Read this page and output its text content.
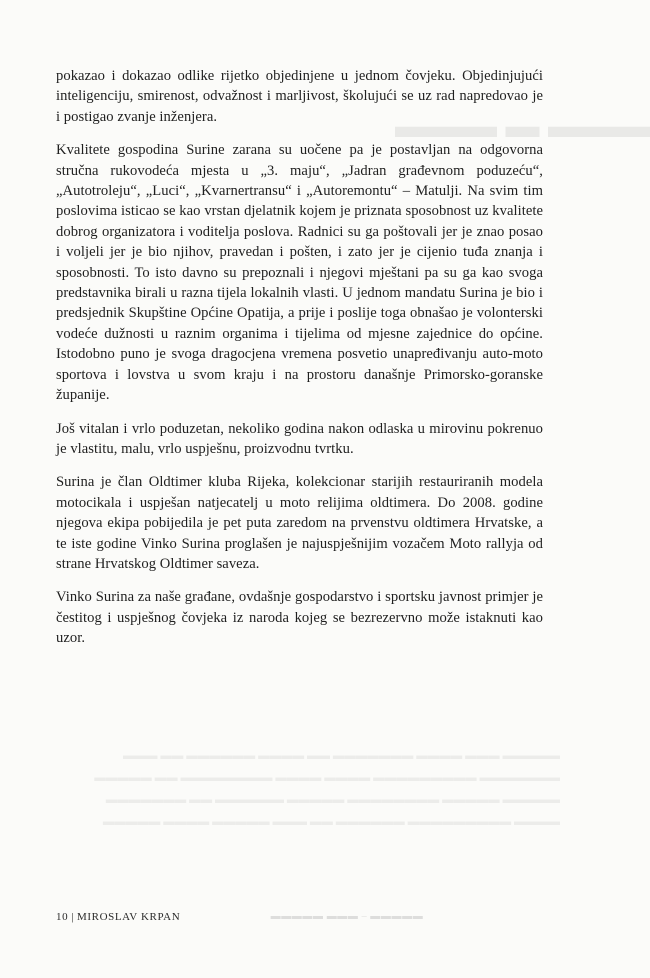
▬▬▬ ▬ ▬▬▬
▬▬▬▬▬ ▬▬▬ ▬▬▬▬ ▬▬▬▬▬▬▬ ▬▬ ▬▬▬▬ ▬▬▬▬▬▬ ▬▬ ▬▬▬
▬▬▬▬▬▬▬ ▬▬▬▬▬▬▬▬▬ ▬▬▬▬ ▬▬▬▬ ▬▬▬▬▬▬▬▬ ▬▬ ▬▬▬▬▬
▬▬▬▬▬ ▬▬▬▬▬ ▬▬▬▬▬▬▬▬ ▬▬▬▬▬ ▬▬▬▬▬▬ ▬▬ ▬▬▬▬▬▬▬
▬▬▬▬ ▬▬▬▬▬▬▬▬▬ ▬▬▬▬▬▬ ▬▬ ▬▬▬ ▬▬▬▬▬ ▬▬▬▬ ▬▬▬▬▬

pokazao i dokazao odlike rijetko objedinjene u jednom čovjeku. Objedinjujući inteligenciju, smirenost, odvažnost i marljivost, školujući se uz rad napredovao je i postigao zvanje inženjera.

Kvalitete gospodina Surine zarana su uočene pa je postavljan na odgovorna stručna rukovodeća mjesta u „3. maju“, „Jadran građevnom poduzeću“, „Autotroleju“, „Luci“, „Kvarnertransu“ i „Autoremontu“ – Matulji. Na svim tim poslovima isticao se kao vrstan djelatnik kojem je priznata sposobnost uz kvalitete dobrog organizatora i voditelja poslova. Radnici su ga poštovali jer je znao posao i voljeli jer je bio njihov, pravedan i pošten, i zato jer je cijenio tuđa znanja i sposobnosti. To isto davno su prepoznali i njegovi mještani pa su ga kao svoga predstavnika birali u razna tijela lokalnih vlasti. U jednom mandatu Surina je bio i predsjednik Skupštine Općine Opatija, a prije i poslije toga obnašao je volonterski vodeće dužnosti u raznim organima i tijelima od mjesne zajednice do općine. Istodobno puno je svoga dragocjena vremena posvetio unapređivanju auto-moto sportova i lovstva u svom kraju i na prostoru današnje Primorsko-goranske županije.

Još vitalan i vrlo poduzetan, nekoliko godina nakon odlaska u mirovinu pokrenuo je vlastitu, malu, vrlo uspješnu, proizvodnu tvrtku.

Surina je član Oldtimer kluba Rijeka, kolekcionar starijih restauriranih modela motocikala i uspješan natjecatelj u moto relijima oldtimera. Do 2008. godine njegova ekipa pobijedila je pet puta zaredom na prvenstvu oldtimera Hrvatske, a te iste godine Vinko Surina proglašen je najuspješnijim vozačem Moto rallyja od strane Hrvatskog Oldtimer saveza.

Vinko Surina za naše građane, ovdašnje gospodarstvo i sportsku javnost primjer je čestitog i uspješnog čovjeka iz naroda kojeg se bezrezervno može istaknuti kao uzor.

10 | MIROSLAV KRPAN	▬▬▬▬▬ – ▬▬▬ ▬▬▬▬▬
